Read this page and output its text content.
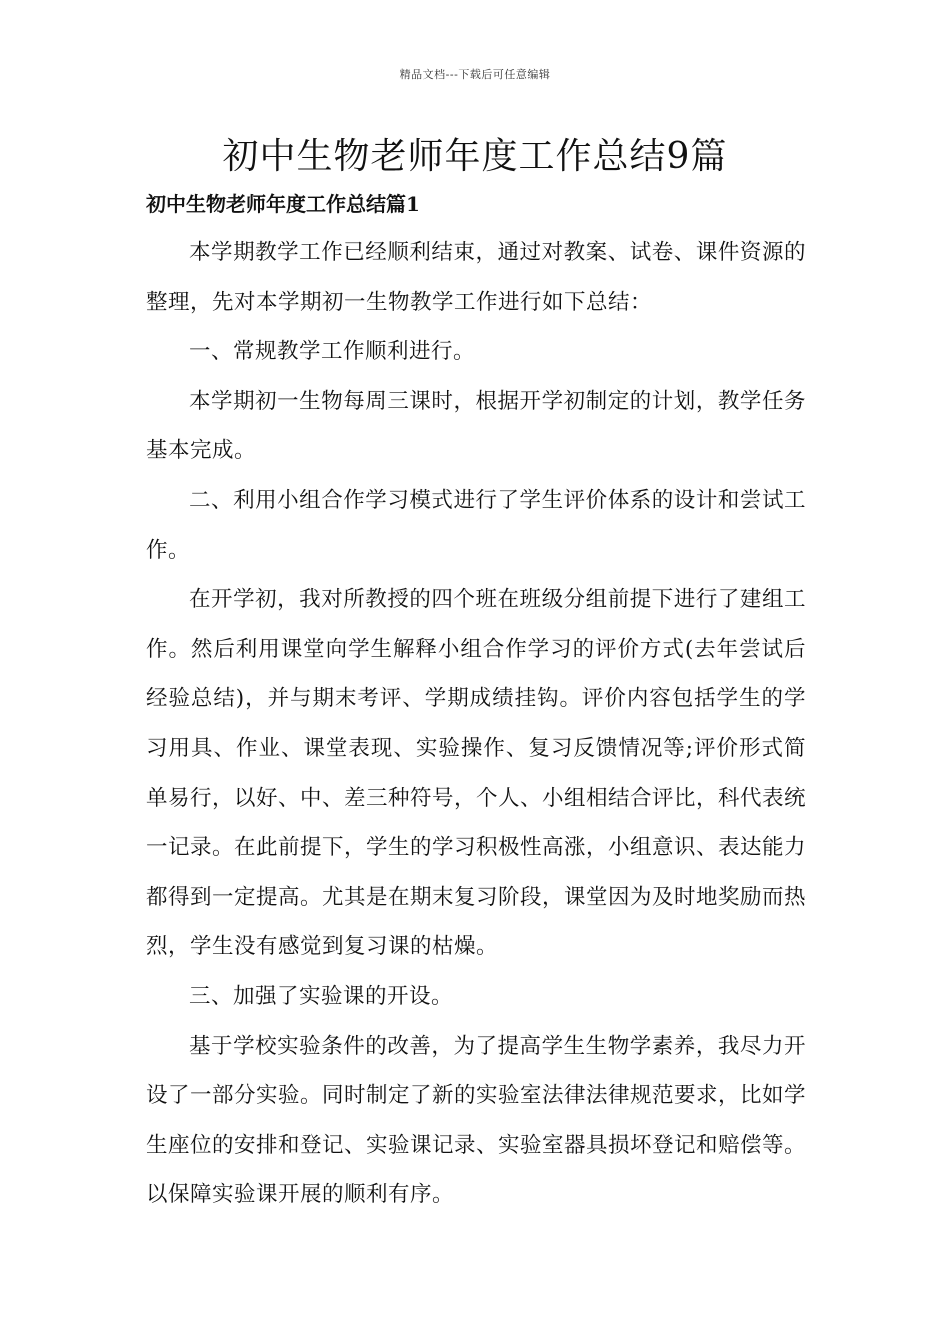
精品文档---下载后可任意编辑
初中生物老师年度工作总结9篇
初中生物老师年度工作总结篇1

本学期教学工作已经顺利结束，通过对教案、试卷、课件资源的整理，先对本学期初一生物教学工作进行如下总结：

一、常规教学工作顺利进行。

本学期初一生物每周三课时，根据开学初制定的计划，教学任务基本完成。

二、利用小组合作学习模式进行了学生评价体系的设计和尝试工作。

在开学初，我对所教授的四个班在班级分组前提下进行了建组工作。然后利用课堂向学生解释小组合作学习的评价方式(去年尝试后经验总结)，并与期末考评、学期成绩挂钩。评价内容包括学生的学习用具、作业、课堂表现、实验操作、复习反馈情况等;评价形式简单易行，以好、中、差三种符号，个人、小组相结合评比，科代表统一记录。在此前提下，学生的学习积极性高涨，小组意识、表达能力都得到一定提高。尤其是在期末复习阶段，课堂因为及时地奖励而热烈，学生没有感觉到复习课的枯燥。

三、加强了实验课的开设。

基于学校实验条件的改善，为了提高学生生物学素养，我尽力开设了一部分实验。同时制定了新的实验室法律法律规范要求，比如学生座位的安排和登记、实验课记录、实验室器具损坏登记和赔偿等。以保障实验课开展的顺利有序。
